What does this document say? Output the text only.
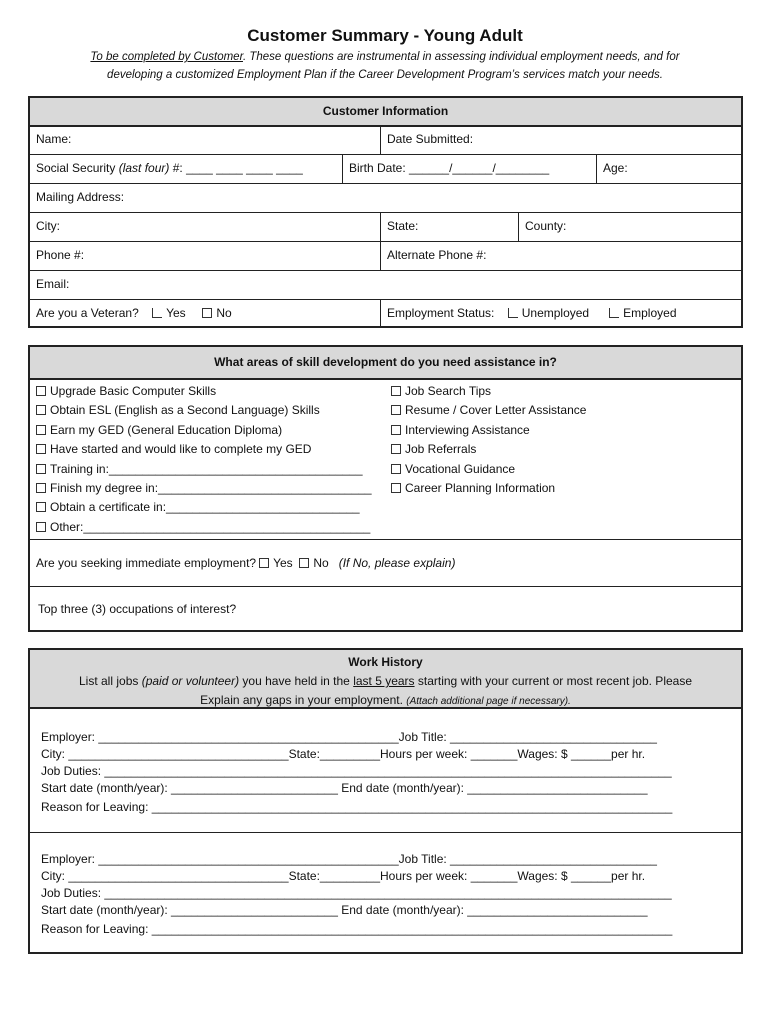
Customer Summary - Young Adult
To be completed by Customer. These questions are instrumental in assessing individual employment needs, and for
developing a customized Employment Plan if the Career Development Program’s services match your needs.
Customer Information
Name:	Date Submitted:
Social Security (last four) #: ____ ____ ____ ____	Birth Date: ______/______/________	Age:
Mailing Address:
City:	State:	County:
Phone #:	Alternate Phone #:
Email:
Are you a Veteran? Yes	No	Employment Status: Unemployed	Employed
What areas of skill development do you need assistance in?
Upgrade Basic Computer Skills
Obtain ESL (English as a Second Language) Skills
Earn my GED (General Education Diploma)
Have started and would like to complete my GED
Training in:______________________________________
Finish my degree in:________________________________
Obtain a certificate in:_____________________________
Other:___________________________________________
Job Search Tips
Resume / Cover Letter Assistance
Interviewing Assistance
Job Referrals
Vocational Guidance
Career Planning Information
Are you seeking immediate employment? Yes No (If No, please explain)
Top three (3) occupations of interest?
Work History
List all jobs (paid or volunteer) you have held in the last 5 years starting with your current or most recent job. Please
Explain any gaps in your employment. (Attach additional page if necessary).
Employer: _____________________________________________Job Title: _______________________________
City: _________________________________State:_________Hours per week: _______Wages: $ ______per hr.
Job Duties: _____________________________________________________________________________________
Start date (month/year): _________________________ End date (month/year): ___________________________
Reason for Leaving: ______________________________________________________________________________
Employer: _____________________________________________Job Title: _______________________________
City: _________________________________State:_________Hours per week: _______Wages: $ ______per hr.
Job Duties: _____________________________________________________________________________________
Start date (month/year): _________________________ End date (month/year): ___________________________
Reason for Leaving: ______________________________________________________________________________
